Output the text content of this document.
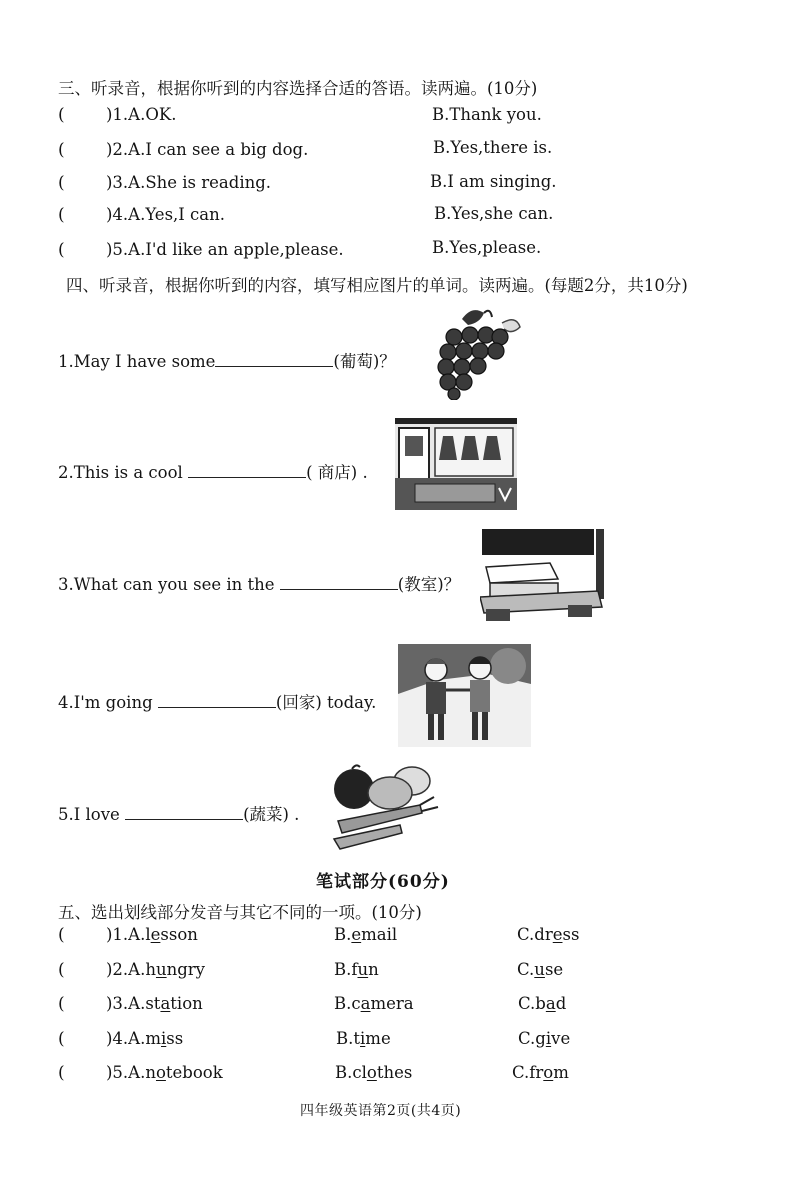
三、听录音，根据你听到的内容选择合适的答语。读两遍。(10分)
(	)1.A.OK.	B.Thank you.
(	)2.A.I can see a big dog.	B.Yes,there is.
(	)3.A.She is reading.	B.I am singing.
(	)4.A.Yes,I can.	B.Yes,she can.
(	)5.A.I'd like an apple,please.	B.Yes,please.
四、听录音，根据你听到的内容，填写相应图片的单词。读两遍。(每题2分，共10分)
1.May I have some	(葡萄)？
2.This is a cool	( 商店) .
3.What can you see in the	(教室)？
4.I'm going	(回家) today.
5.I love	(蔬菜) .
笔试部分(60分)
五、选出划线部分发音与其它不同的一项。(10分)
(	)1.A.lesson	B.email	C.dress
(	)2.A.hungry	B.fun	C.use
(	)3.A.station	B.camera	C.bad
(	)4.A.miss	B.time	C.give
(	)5.A.notebook	B.clothes	C.from
四年级英语第2页(共4页)
